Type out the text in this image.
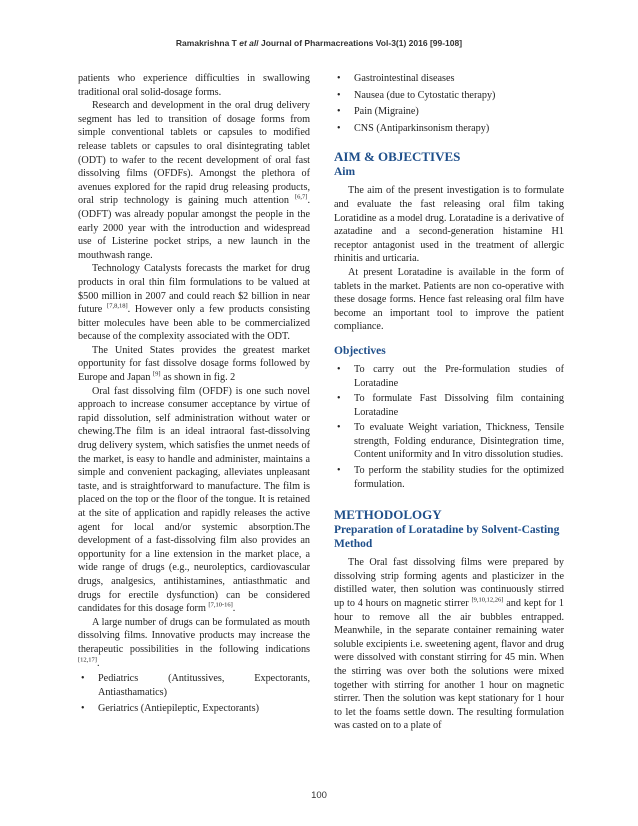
Ramakrishna T et al/ Journal of Pharmacreations Vol-3(1) 2016 [99-108]

patients who experience difficulties in swallowing traditional oral solid-dosage forms.

Research and development in the oral drug delivery segment has led to transition of dosage forms from simple conventional tablets or capsules to modified release tablets or capsules to oral disintegrating tablet (ODT) to wafer to the recent development of oral fast dissolving films (OFDFs). Amongst the plethora of avenues explored for the rapid drug releasing products, oral strip technology is gaining much attention [6,7]. (ODFT) was already popular amongst the people in the early 2000 year with the introduction and widespread use of Listerine pocket strips, a new launch in the mouthwash range.

Technology Catalysts forecasts the market for drug products in oral thin film formulations to be valued at $500 million in 2007 and could reach $2 billion in near future [7,8,18]. However only a few products consisting bitter molecules have been able to be commercialized because of the complexity associated with the ODT.

The United States provides the greatest market opportunity for fast dissolve dosage forms followed by Europe and Japan [9] as shown in fig. 2

Oral fast dissolving film (OFDF) is one such novel approach to increase consumer acceptance by virtue of rapid dissolution, self administration without water or chewing.The film is an ideal intraoral fast-dissolving drug delivery system, which satisfies the unmet needs of the market, is easy to handle and administer, maintains a simple and convenient packaging, alleviates unpleasant taste, and is straightforward to manufacture. The film is placed on the top or the floor of the tongue. It is retained at the site of application and rapidly releases the active agent for local and/or systemic absorption.The development of a fast-dissolving film also provides an opportunity for a line extension in the market place, a wide range of drugs (e.g., neuroleptics, cardiovascular drugs, analgesics, antihistamines, antiasthmatic and drugs for erectile dysfunction) can be considered candidates for this dosage form [7,10-16].

A large number of drugs can be formulated as mouth dissolving films. Innovative products may increase the therapeutic possibilities in the following indications [12,17].

• Pediatrics (Antitussives, Expectorants, Antiasthamatics)
• Geriatrics (Antiepileptic, Expectorants)
• Gastrointestinal diseases
• Nausea (due to Cytostatic therapy)
• Pain (Migraine)
• CNS (Antiparkinsonism therapy)
AIM & OBJECTIVES
Aim

The aim of the present investigation is to formulate and evaluate the fast releasing oral film taking Loratidine as a model drug. Loratadine is a derivative of azatadine and a second-generation histamine H1 receptor antagonist used in the treatment of allergic rhinitis and urticaria.

At present Loratadine is available in the form of tablets in the market. Patients are non co-operative with these dosage forms. Hence fast releasing oral film have become an important tool to improve the patient compliance.

Objectives
• To carry out the Pre-formulation studies of Loratadine
• To formulate Fast Dissolving film containing Loratadine
• To evaluate Weight variation, Thickness, Tensile strength, Folding endurance, Disintegration time, Content uniformity and In vitro dissolution studies.
• To perform the stability studies for the optimized formulation.
METHODOLOGY
Preparation of Loratadine by Solvent-Casting Method

The Oral fast dissolving films were prepared by dissolving strip forming agents and plasticizer in the distilled water, then solution was continuously stirred up to 4 hours on magnetic stirrer [9,10,12,26] and kept for 1 hour to remove all the air bubbles entrapped. Meanwhile, in the separate container remaining water soluble excipients i.e. sweetening agent, flavor and drug were dissolved with constant stirring for 45 min. When the stirring was over both the solutions were mixed together with stirring for another 1 hour on magnetic stirrer. Then the solution was kept stationary for 1 hour to let the foams settle down. The resulting formulation was casted on to a plate of

100
